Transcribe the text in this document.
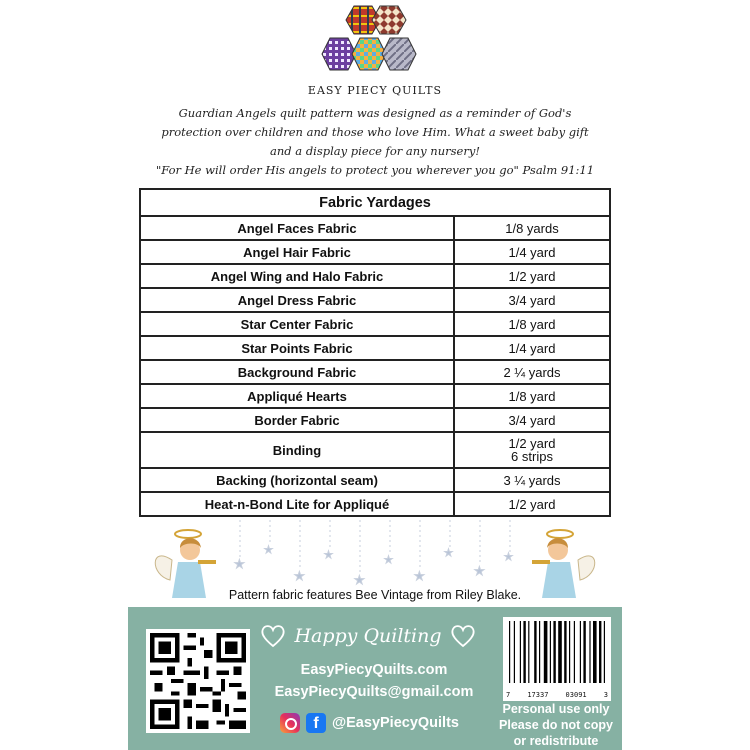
EASY PIECY QUILTS
Guardian Angels quilt pattern was designed as a reminder of God's
protection over children and those who love Him. What a sweet baby gift
and a display piece for any nursery!
"For He will order His angels to protect you wherever you go" Psalm 91:11
Fabric Yardages	
Angel Faces Fabric	1/8 yards
Angel Hair Fabric	1/4 yard
Angel Wing and Halo Fabric	1/2 yard
Angel Dress Fabric	3/4 yard
Star Center Fabric	1/8 yard
Star Points Fabric	1/4 yard
Background Fabric	2 ¼ yards
Appliqué Hearts	1/8 yard
Border Fabric	3/4 yard
Binding	1/2 yard
6 strips

Backing (horizontal seam)	3 ¼ yards
Heat-n-Bond Lite for Appliqué	1/2 yard
★
★
★
★
★
★
★
★
★
★
Pattern fabric features Bee Vintage from Riley Blake.
Happy Quilting
EasyPiecyQuilts.com
EasyPiecyQuilts@gmail.com
f @EasyPiecyQuilts
7 17337 03091 3
Personal use only
Please do not copy
or redistribute
